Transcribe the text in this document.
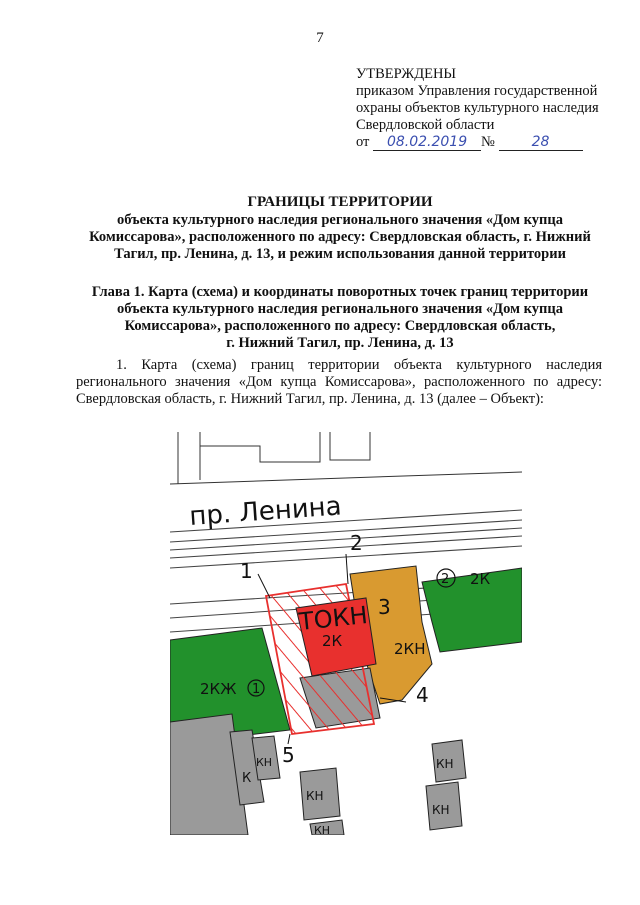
7
УТВЕРЖДЕНЫ
приказом Управления государственной
охраны объектов культурного наследия
Свердловской области
от 08.02.2019 №	28
ГРАНИЦЫ ТЕРРИТОРИИ
объекта культурного наследия регионального значения «Дом купца
Комиссарова», расположенного по адресу: Свердловская область, г. Нижний
Тагил, пр. Ленина, д. 13, и режим использования данной территории
Глава 1. Карта (схема) и координаты поворотных точек границ территории
объекта культурного наследия регионального значения «Дом купца
Комиссарова», расположенного по адресу: Свердловская область,
г. Нижний Тагил, пр. Ленина, д. 13
1. Карта (схема) границ территории объекта культурного наследия регионального значения «Дом купца Комиссарова», расположенного по адресу: Свердловская область, г. Нижний Тагил, пр. Ленина, д. 13 (далее – Объект):
пр. Ленина
2КЖ 1
2 2К
2КН
К
КН
КН
КН
КН
КН
ТОКН
2К
1
2
3
4
5
